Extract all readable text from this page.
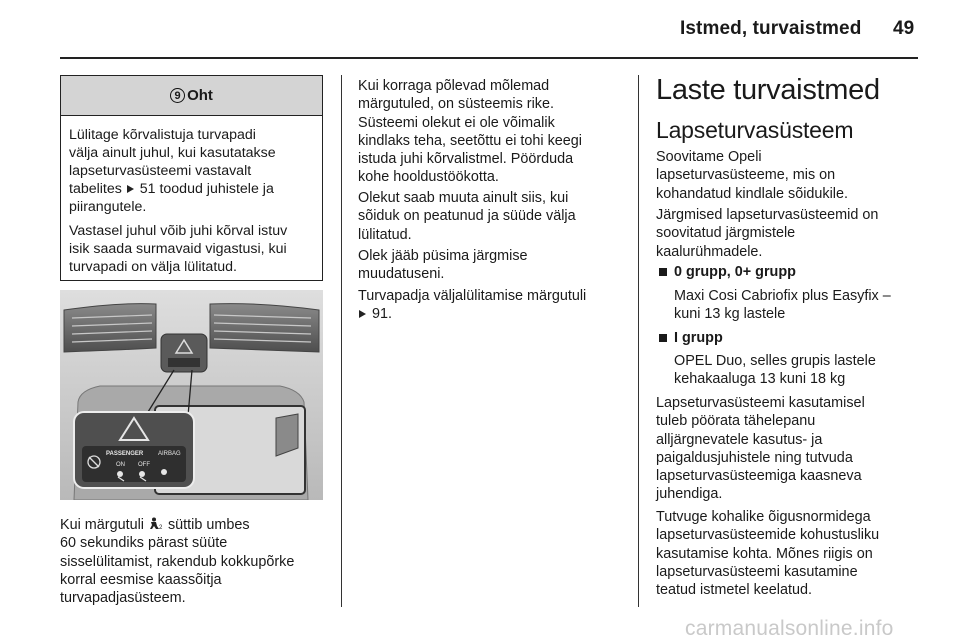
Istmed, turvaistmed 49
9 Oht
Lülitage kõrvalistuja turvapadi
välja ainult juhul, kui kasutatakse
lapseturvasüsteemi vastavalt
tabelites  51 toodud juhistele ja
piirangutele.
Vastasel juhul võib juhi kõrval istuv
isik saada surmavaid vigastusi, kui
turvapadi on välja lülitatud.
PASSENGER AIRBAG
ON OFF
Kui märgutuli 2 süttib umbes
60 sekundiks pärast süüte
sisselülitamist, rakendub kokkupõrke
korral eesmise kaassõitja
turvapadjasüsteem.
Kui korraga põlevad mõlemad
märgutuled, on süsteemis rike.
Süsteemi olekut ei ole võimalik
kindlaks teha, seetõttu ei tohi keegi
istuda juhi kõrvalistmel. Pöörduda
kohe hooldustöökotta.
Olekut saab muuta ainult siis, kui
sõiduk on peatunud ja süüde välja
lülitatud.
Olek jääb püsima järgmise
muudatuseni.
Turvapadja väljalülitamise märgutuli
91.
Laste turvaistmed
Lapseturvasüsteem
Soovitame Opeli
lapseturvasüsteeme, mis on
kohandatud kindlale sõidukile.
Järgmised lapseturvasüsteemid on
soovitatud järgmistele
kaalurühmadele.
0 grupp, 0+ grupp
Maxi Cosi Cabriofix plus Easyfix –
kuni 13 kg lastele
I grupp
OPEL Duo, selles grupis lastele
kehakaaluga 13 kuni 18 kg
Lapseturvasüsteemi kasutamisel
tuleb pöörata tähelepanu
alljärgnevatele kasutus- ja
paigaldusjuhistele ning tutvuda
lapseturvasüsteemiga kaasneva
juhendiga.
Tutvuge kohalike õigusnormidega
lapseturvasüsteemide kohustusliku
kasutamise kohta. Mõnes riigis on
lapseturvasüsteemi kasutamine
teatud istmetel keelatud.
carmanualsonline.info
